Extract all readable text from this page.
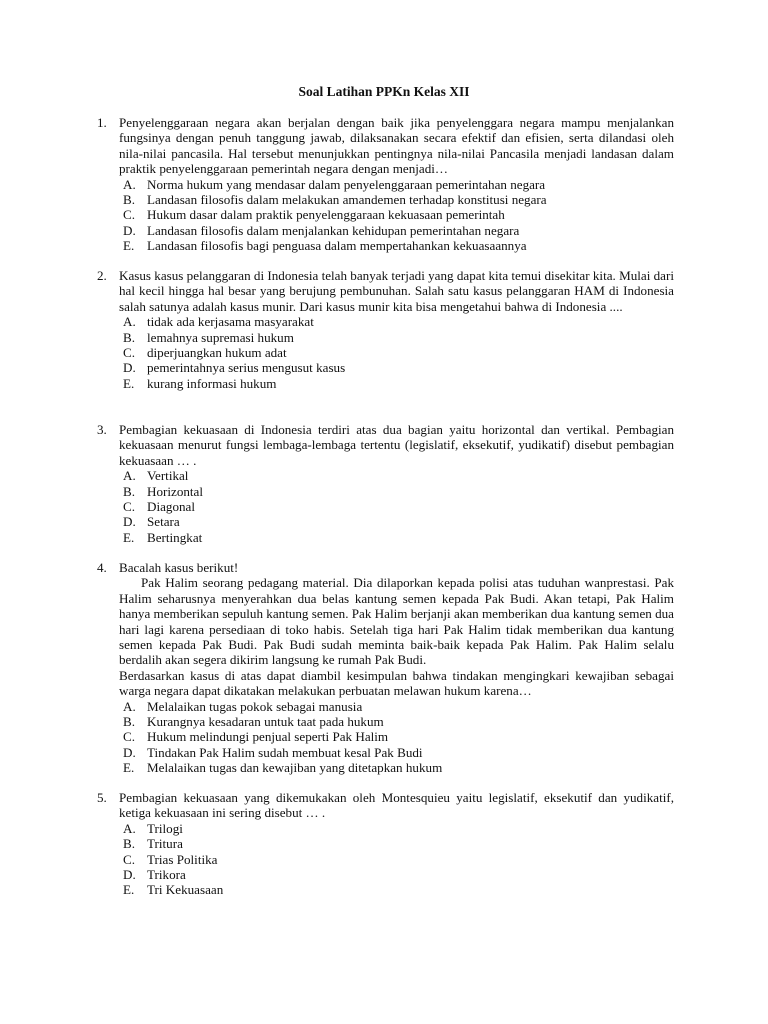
Soal Latihan PPKn Kelas XII
1. Penyelenggaraan negara akan berjalan dengan baik jika penyelenggara negara mampu menjalankan fungsinya dengan penuh tanggung jawab, dilaksanakan secara efektif dan efisien, serta dilandasi oleh nila-nilai pancasila. Hal tersebut menunjukkan pentingnya nila-nilai Pancasila menjadi landasan dalam praktik penyelenggaraan pemerintah negara dengan menjadi…
A. Norma hukum yang mendasar dalam penyelenggaraan pemerintahan negara
B. Landasan filosofis dalam melakukan amandemen terhadap konstitusi negara
C. Hukum dasar dalam praktik penyelenggaraan kekuasaan pemerintah
D. Landasan filosofis dalam menjalankan kehidupan pemerintahan negara
E. Landasan filosofis bagi penguasa dalam mempertahankan kekuasaannya
2. Kasus kasus pelanggaran di Indonesia telah banyak terjadi yang dapat kita temui disekitar kita. Mulai dari hal kecil hingga hal besar yang berujung pembunuhan. Salah satu kasus pelanggaran HAM di Indonesia salah satunya adalah kasus munir. Dari kasus munir kita bisa mengetahui bahwa di Indonesia ....
A. tidak ada kerjasama masyarakat
B. lemahnya supremasi hukum
C. diperjuangkan hukum adat
D. pemerintahnya serius mengusut kasus
E. kurang informasi hukum
3. Pembagian kekuasaan di Indonesia terdiri atas dua bagian yaitu horizontal dan vertikal. Pembagian kekuasaan menurut fungsi lembaga-lembaga tertentu (legislatif, eksekutif, yudikatif) disebut pembagian kekuasaan … .
A. Vertikal
B. Horizontal
C. Diagonal
D. Setara
E. Bertingkat
4. Bacalah kasus berikut!
Pak Halim seorang pedagang material. Dia dilaporkan kepada polisi atas tuduhan wanprestasi. Pak Halim seharusnya menyerahkan dua belas kantung semen kepada Pak Budi. Akan tetapi, Pak Halim hanya memberikan sepuluh kantung semen. Pak Halim berjanji akan memberikan dua kantung semen dua hari lagi karena persediaan di toko habis. Setelah tiga hari Pak Halim tidak memberikan dua kantung semen kepada Pak Budi. Pak Budi sudah meminta baik-baik kepada Pak Halim. Pak Halim selalu berdalih akan segera dikirim langsung ke rumah Pak Budi.
Berdasarkan kasus di atas dapat diambil kesimpulan bahwa tindakan mengingkari kewajiban sebagai warga negara dapat dikatakan melakukan perbuatan melawan hukum karena…
A. Melalaikan tugas pokok sebagai manusia
B. Kurangnya kesadaran untuk taat pada hukum
C. Hukum melindungi penjual seperti Pak Halim
D. Tindakan Pak Halim sudah membuat kesal Pak Budi
E. Melalaikan tugas dan kewajiban yang ditetapkan hukum
5. Pembagian kekuasaan yang dikemukakan oleh Montesquieu yaitu legislatif, eksekutif dan yudikatif, ketiga kekuasaan ini sering disebut … .
A. Trilogi
B. Tritura
C. Trias Politika
D. Trikora
E. Tri Kekuasaan
